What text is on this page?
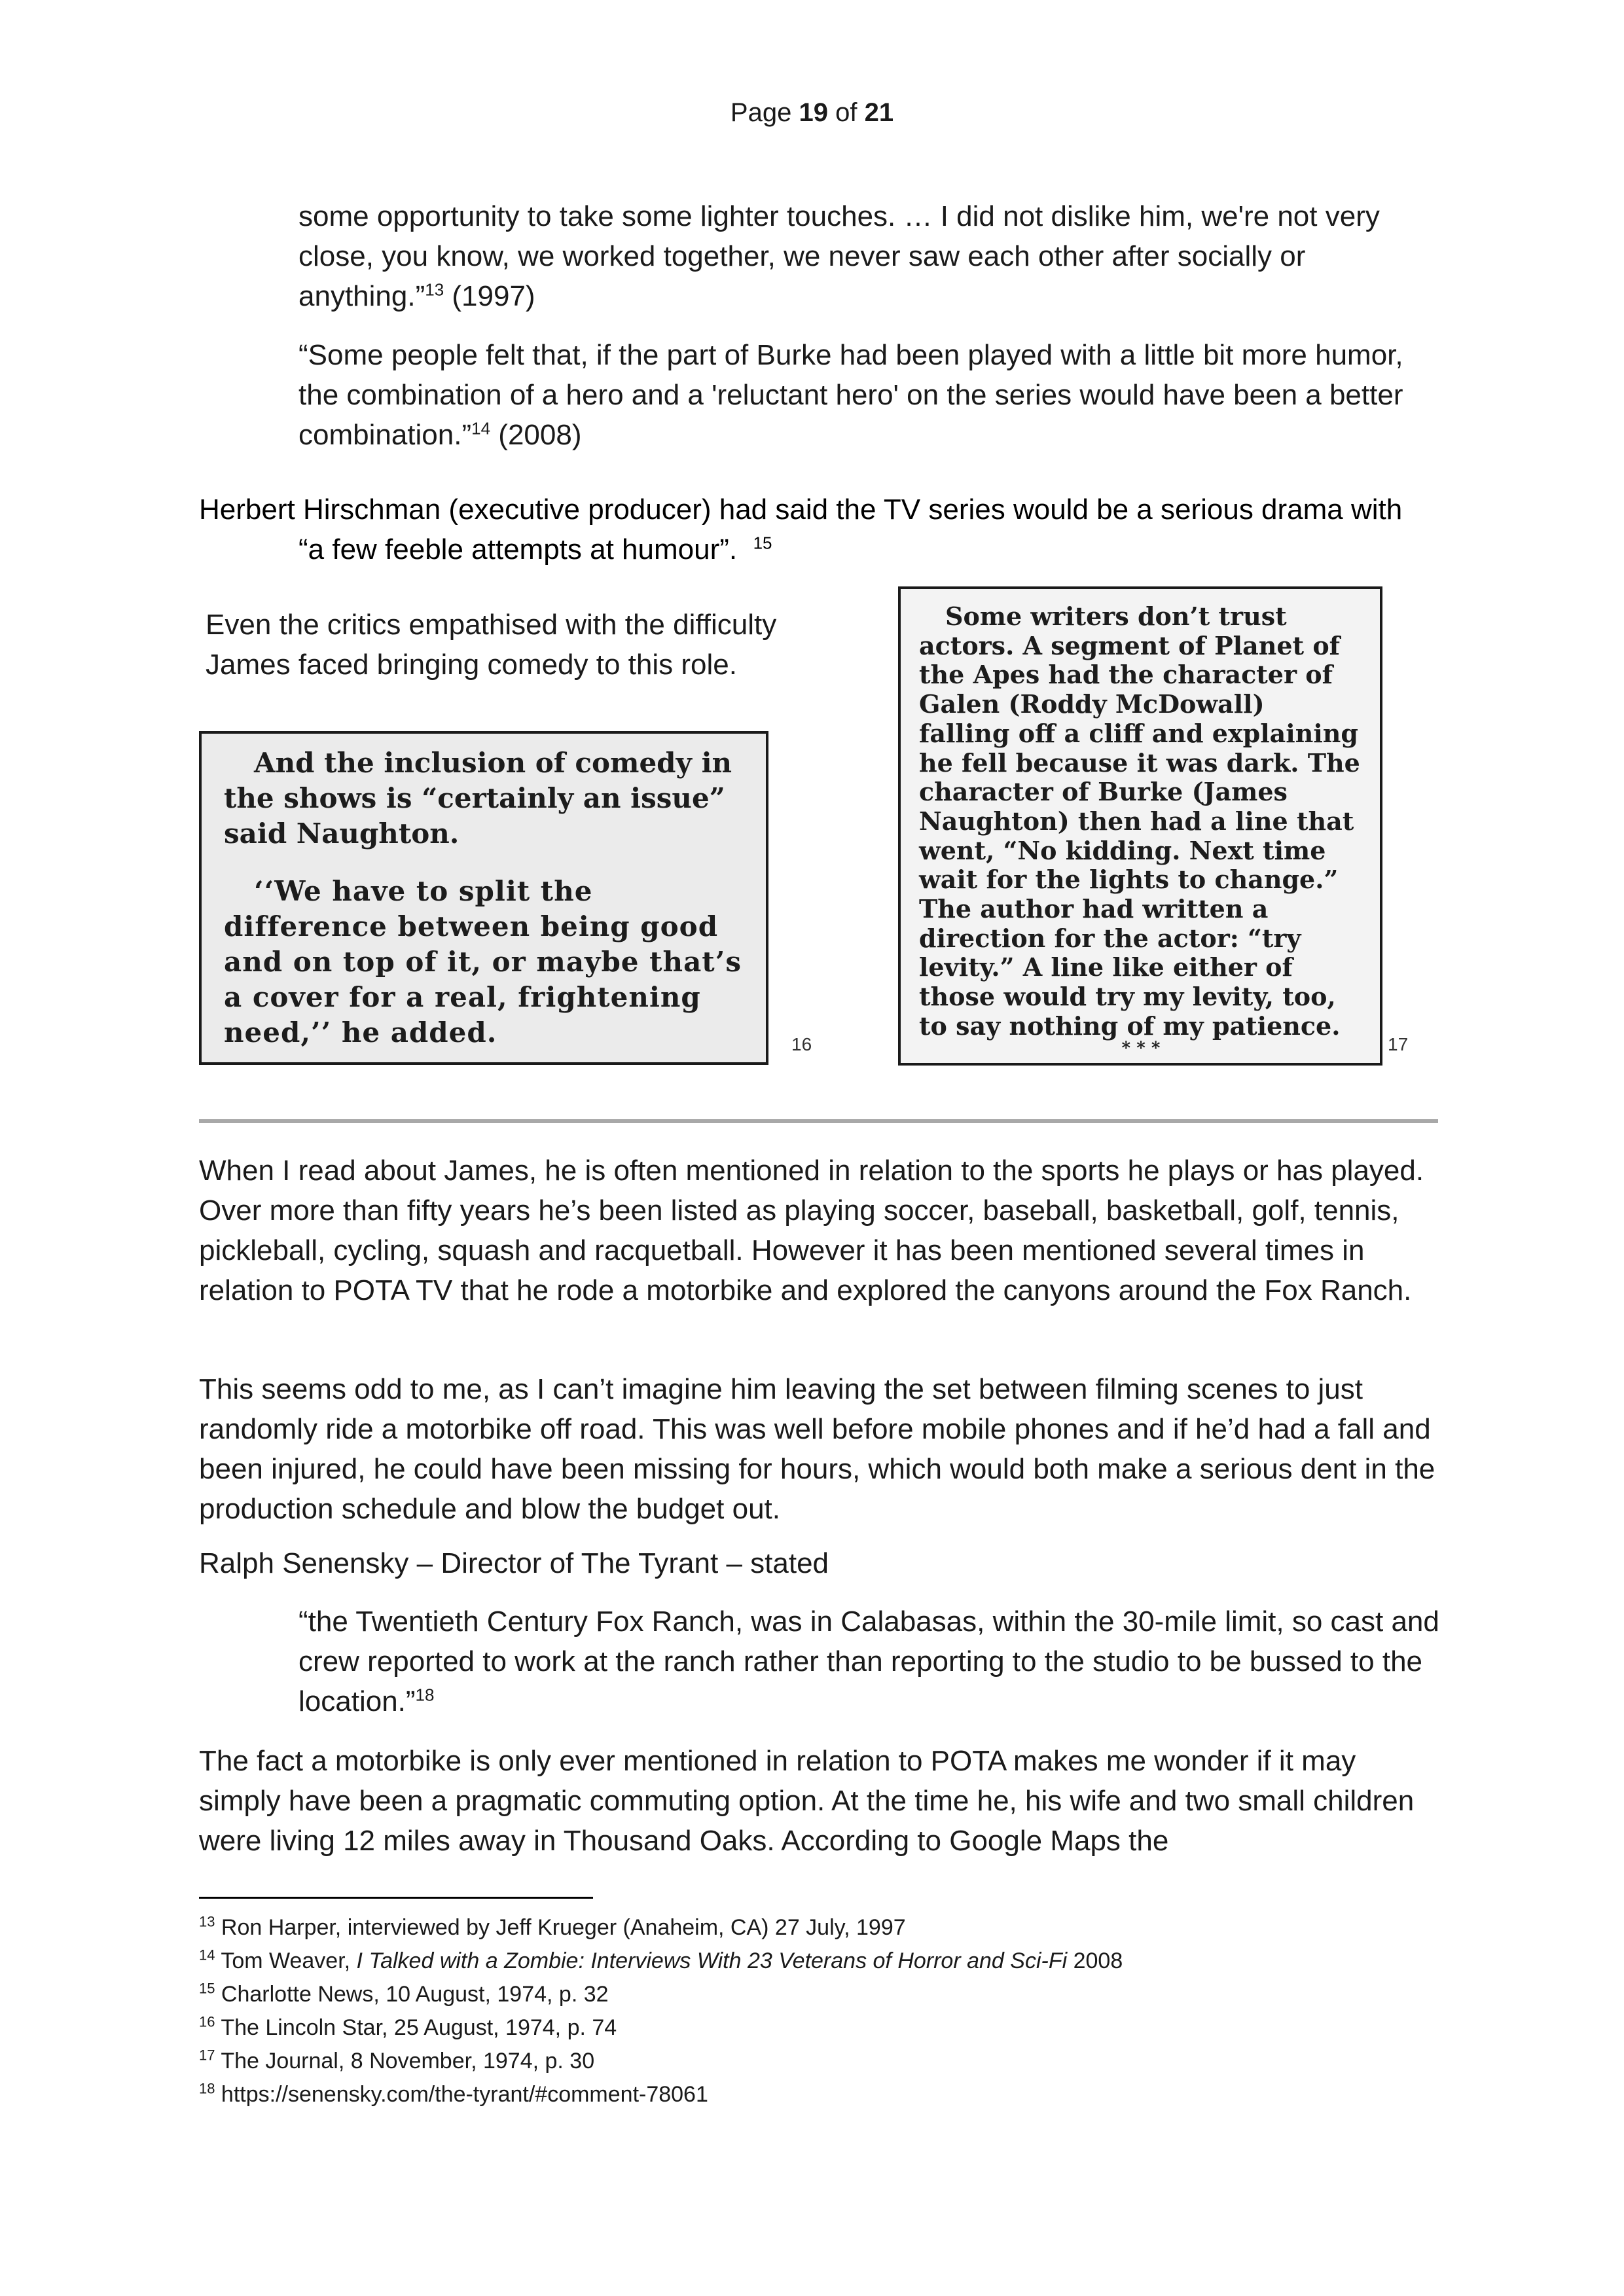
Page 19 of 21
some opportunity to take some lighter touches. … I did not dislike him, we're not very close, you know, we worked together, we never saw each other after socially or anything.”$^{13}$ (1997)
“Some people felt that, if the part of Burke had been played with a little bit more humor, the combination of a hero and a 'reluctant hero' on the series would have been a better combination.”$^{14}$ (2008)
Herbert Hirschman (executive producer) had said the TV series would be a serious drama with
“a few feeble attempts at humour”. $^{15}$
Even the critics empathised with the difficulty James faced bringing comedy to this role.

And the inclusion of comedy in the shows is “certainly an issue” said Naughton.

‘‘We have to split the difference between being good and on top of it, or maybe that’s a cover for a real, frightening need,’’ he added.	16

Some writers don’t trust actors. A segment of Planet of the Apes had the character of Galen (Roddy McDowall) falling off a cliff and explaining he fell because it was dark. The character of Burke (James Naughton) then had a line that went, “No kidding. Next time wait for the lights to change.” The author had written a direction for the actor: “try levity.” A line like either of those would try my levity, too, to say nothing of my patience.

* * *	17
When I read about James, he is often mentioned in relation to the sports he plays or has played. Over more than fifty years he’s been listed as playing soccer, baseball, basketball, golf, tennis, pickleball, cycling, squash and racquetball. However it has been mentioned several times in relation to POTA TV that he rode a motorbike and explored the canyons around the Fox Ranch.
This seems odd to me, as I can’t imagine him leaving the set between filming scenes to just randomly ride a motorbike off road. This was well before mobile phones and if he’d had a fall and been injured, he could have been missing for hours, which would both make a serious dent in the production schedule and blow the budget out.
Ralph Senensky – Director of The Tyrant – stated
“the Twentieth Century Fox Ranch, was in Calabasas, within the 30-mile limit, so cast and crew reported to work at the ranch rather than reporting to the studio to be bussed to the location.”$^{18}$
The fact a motorbike is only ever mentioned in relation to POTA makes me wonder if it may simply have been a pragmatic commuting option. At the time he, his wife and two small children were living 12 miles away in Thousand Oaks. According to Google Maps the
$^{13}$ Ron Harper, interviewed by Jeff Krueger (Anaheim, CA) 27 July, 1997
$^{14}$ Tom Weaver, I Talked with a Zombie: Interviews With 23 Veterans of Horror and Sci-Fi 2008
$^{15}$ Charlotte News, 10 August, 1974, p. 32
$^{16}$ The Lincoln Star, 25 August, 1974, p. 74
$^{17}$ The Journal, 8 November, 1974, p. 30
$^{18}$ https://senensky.com/the-tyrant/#comment-78061
